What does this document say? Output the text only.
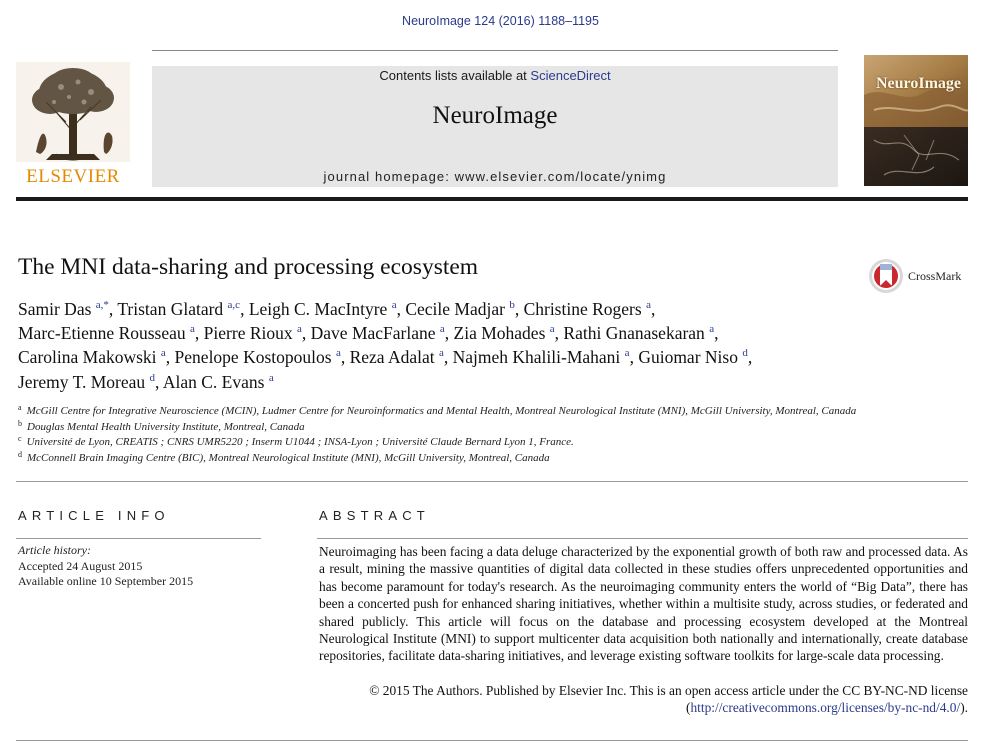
NeuroImage 124 (2016) 1188–1195
ELSEVIER
Contents lists available at ScienceDirect
NeuroImage
journal homepage: www.elsevier.com/locate/ynimg
NeuroImage
The MNI data-sharing and processing ecosystem	CrossMark
Samir Das $^{a,*}$, Tristan Glatard $^{a,c}$, Leigh C. MacIntyre $^a$, Cecile Madjar $^b$, Christine Rogers $^a$,
Marc-Etienne Rousseau $^a$, Pierre Rioux $^a$, Dave MacFarlane $^a$, Zia Mohades $^a$, Rathi Gnanasekaran $^a$,
Carolina Makowski $^a$, Penelope Kostopoulos $^a$, Reza Adalat $^a$, Najmeh Khalili-Mahani $^a$, Guiomar Niso $^d$,
Jeremy T. Moreau $^d$, Alan C. Evans $^a$
$^a$ McGill Centre for Integrative Neuroscience (MCIN), Ludmer Centre for Neuroinformatics and Mental Health, Montreal Neurological Institute (MNI), McGill University, Montreal, Canada
$^b$ Douglas Mental Health University Institute, Montreal, Canada
$^c$ Université de Lyon, CREATIS ; CNRS UMR5220 ; Inserm U1044 ; INSA-Lyon ; Université Claude Bernard Lyon 1, France.
$^d$ McConnell Brain Imaging Centre (BIC), Montreal Neurological Institute (MNI), McGill University, Montreal, Canada
ARTICLE INFO
Article history:
Accepted 24 August 2015
Available online 10 September 2015
ABSTRACT

Neuroimaging has been facing a data deluge characterized by the exponential growth of both raw and processed data. As a result, mining the massive quantities of digital data collected in these studies offers unprecedented opportunities and has become paramount for today's research. As the neuroimaging community enters the world of “Big Data”, there has been a concerted push for enhanced sharing initiatives, whether within a multisite study, across studies, or federated and shared publicly. This article will focus on the database and processing ecosystem developed at the Montreal Neurological Institute (MNI) to support multicenter data acquisition both nationally and internationally, create database repositories, facilitate data-sharing initiatives, and leverage existing software toolkits for large-scale data processing.

© 2015 The Authors. Published by Elsevier Inc. This is an open access article under the CC BY-NC-ND license
(http://creativecommons.org/licenses/by-nc-nd/4.0/).
